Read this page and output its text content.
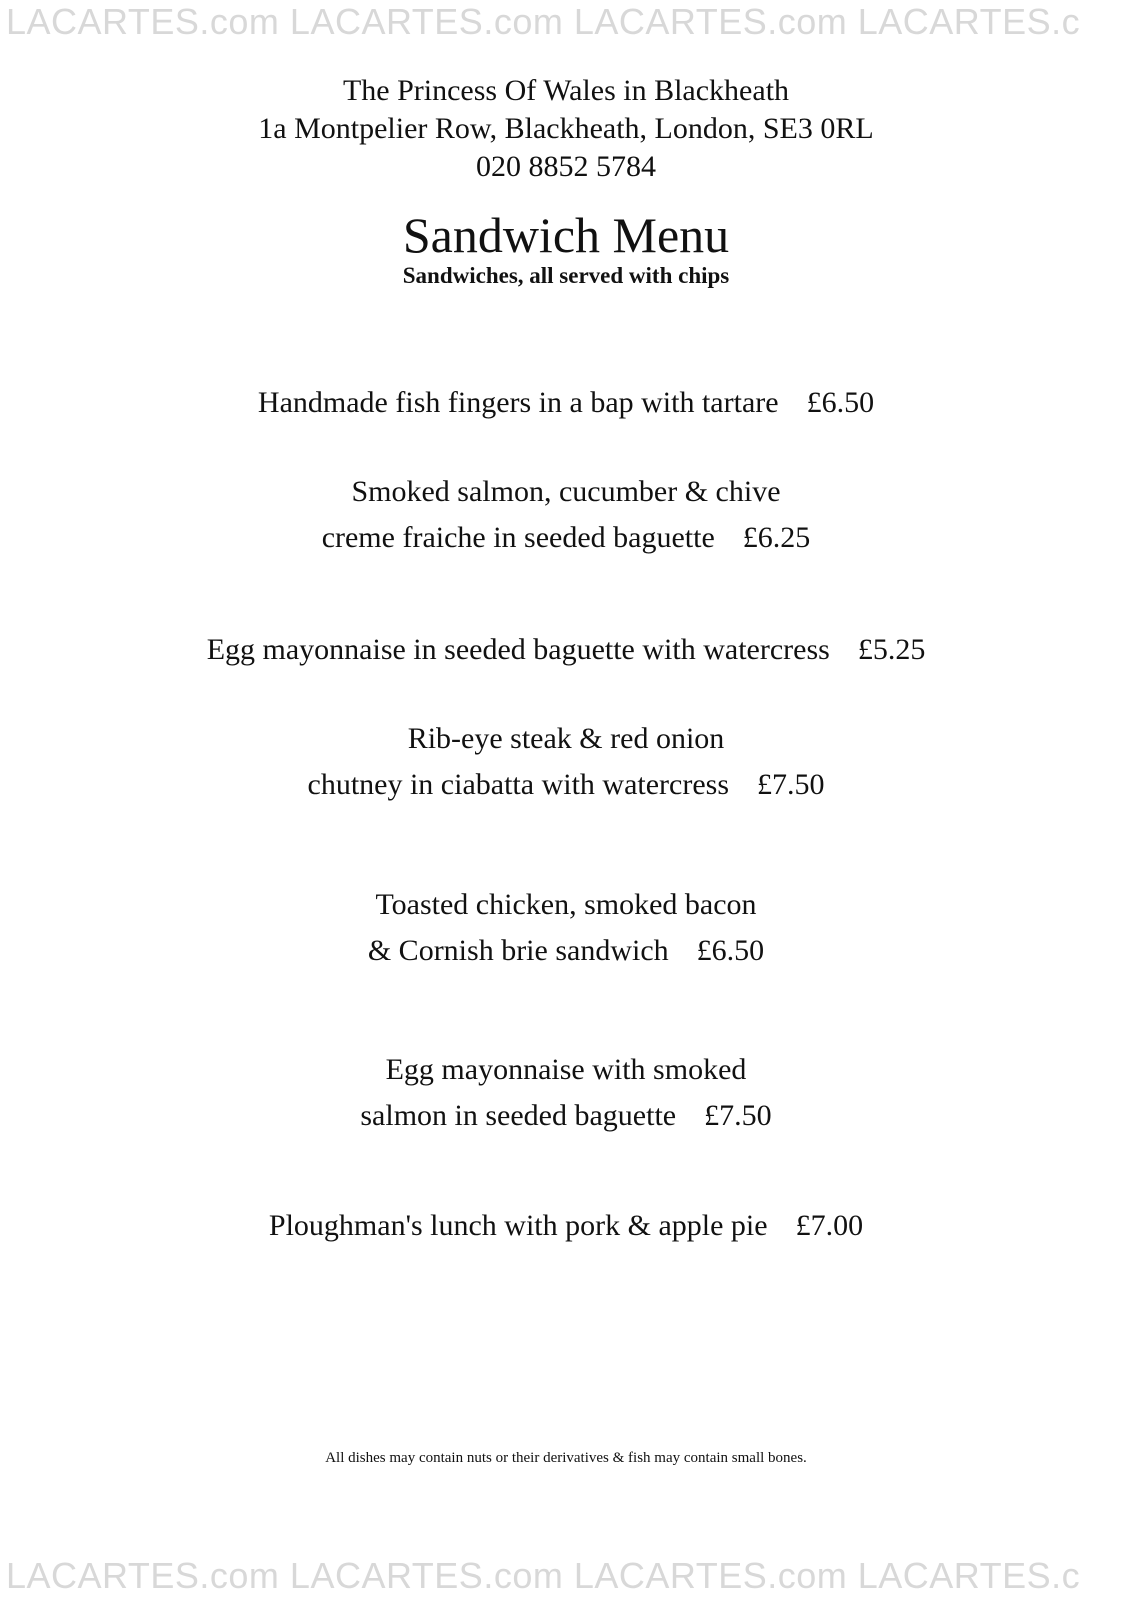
LACARTES.com LACARTES.com LACARTES.com LACARTES.c
The Princess Of Wales in Blackheath
1a Montpelier Row, Blackheath, London, SE3 0RL
020 8852 5784
Sandwich Menu
Sandwiches, all served with chips
Handmade fish fingers in a bap with tartare £6.50
Smoked salmon, cucumber & chive
creme fraiche in seeded baguette £6.25
Egg mayonnaise in seeded baguette with watercress £5.25
Rib-eye steak & red onion
chutney in ciabatta with watercress £7.50
Toasted chicken, smoked bacon
& Cornish brie sandwich £6.50
Egg mayonnaise with smoked
salmon in seeded baguette £7.50
Ploughman's lunch with pork & apple pie £7.00
All dishes may contain nuts or their derivatives & fish may contain small bones.
LACARTES.com LACARTES.com LACARTES.com LACARTES.c
